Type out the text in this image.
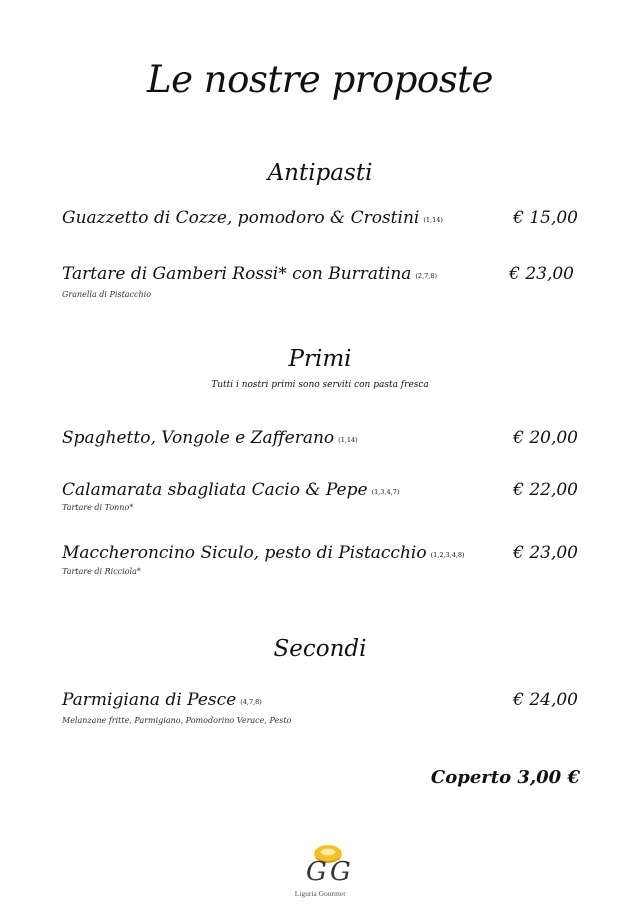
Le nostre proposte
Antipasti
Guazzetto di Cozze, pomodoro & Crostini (1,14)	€ 15,00
Tartare di Gamberi Rossi* con Burratina (2,7,8)	€ 23,00
Granella di Pistacchio
Primi
Tutti i nostri primi sono serviti con pasta fresca
Spaghetto, Vongole e Zafferano (1,14)	€ 20,00
Calamarata sbagliata Cacio & Pepe (1,3,4,7)	€ 22,00
Tartare di Tonno*
Maccheroncino Siculo, pesto di Pistacchio (1,2,3,4,8)	€ 23,00
Tartare di Ricciola*
Secondi
Parmigiana di Pesce (4,7,8)	€ 24,00
Melanzane fritte, Parmigiano, Pomodorino Verace, Pesto
Coperto 3,00 €
G G
Liguria Gourmet
